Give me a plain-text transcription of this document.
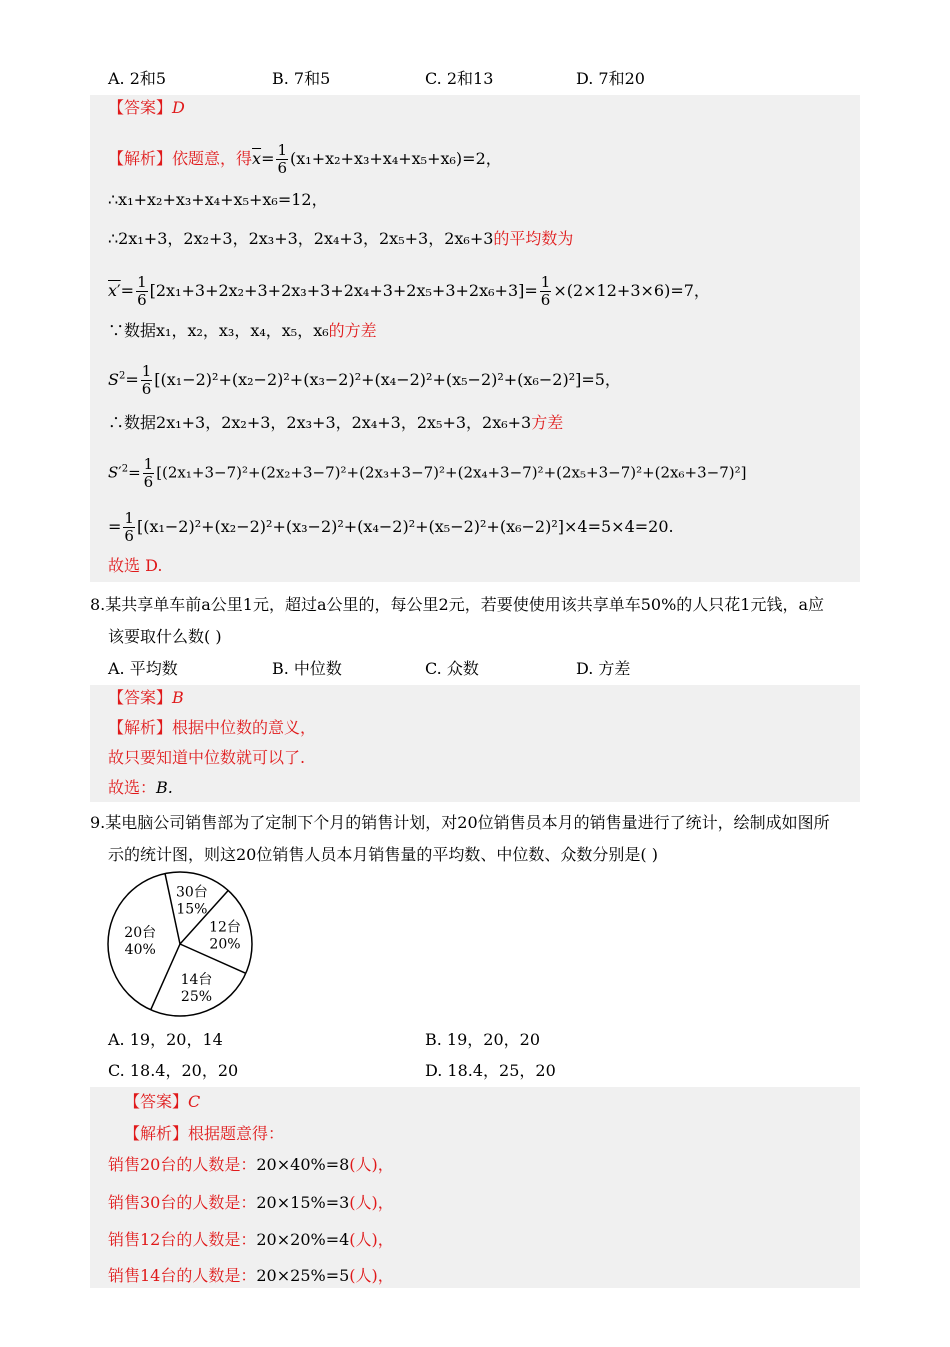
A. 2和5	B. 7和5	C. 2和13	D. 7和20
【答案】D
【解析】依题意，得$\overline{x}= \frac{1}{6} (x_1+x_2+x_3+x_4+x_5+x_6)=2$，
∴x₁+x₂+x₃+x₄+x₅+x₆=12，
∴2x₁+3，2x₂+3，2x₃+3，2x₄+3，2x₅+3，2x₆+3的平均数为
$x'= \frac{1}{6} [2x_1+3+2x_2+3+2x_3+3+2x_4+3+2x_5+3+2x_6+3]= \frac{1}{6} \times(2\times 12+3\times 6)=7$，
∵数据x₁，x₂，x₃，x₄，x₅，x₆的方差
$S^2= \frac{1}{6} [(x_1-2)^2+(x_2-2)^2+(x_3-2)^2+(x_4-2)^2+(x_5-2)^2+(x_6-2)^2]=5$，
∴数据2x₁+3，2x₂+3，2x₃+3，2x₄+3，2x₅+3，2x₆+3方差
$S'^2= \frac{1}{6} [(2x_1+3-7)^2+(2x_2+3-7)^2+(2x_3+3-7)^2+(2x_4+3-7)^2+(2x_5+3-7)^2+(2x_6+3-7)^2]$
= $\frac{1}{6} [(x_1-2)^2+(x_2-2)^2+(x_3-2)^2+(x_4-2)^2+(x_5-2)^2+(x_6-2)^2]\times 4=5\times 4=20$.
故选 D.
8.某共享单车前a公里1元，超过a公里的，每公里2元，若要使使用该共享单车50%的人只花1元钱，a应
该要取什么数( )
A. 平均数	B. 中位数	C. 众数	D. 方差
【答案】B
【解析】根据中位数的意义，
故只要知道中位数就可以了.
故选：B.
9.某电脑公司销售部为了定制下个月的销售计划，对20位销售员本月的销售量进行了统计，绘制成如图所
示的统计图，则这20位销售人员本月销售量的平均数、中位数、众数分别是( )
30台
15%
12台
20%
14台
25%
20台
40%
A. 19，20，14	B. 19，20，20
C. 18.4，20，20	D. 18.4，25，20
【答案】C
【解析】根据题意得：
销售20台的人数是：20×40%=8(人)，
销售30台的人数是：20×15%=3(人)，
销售12台的人数是：20×20%=4(人)，
销售14台的人数是：20×25%=5(人)，
